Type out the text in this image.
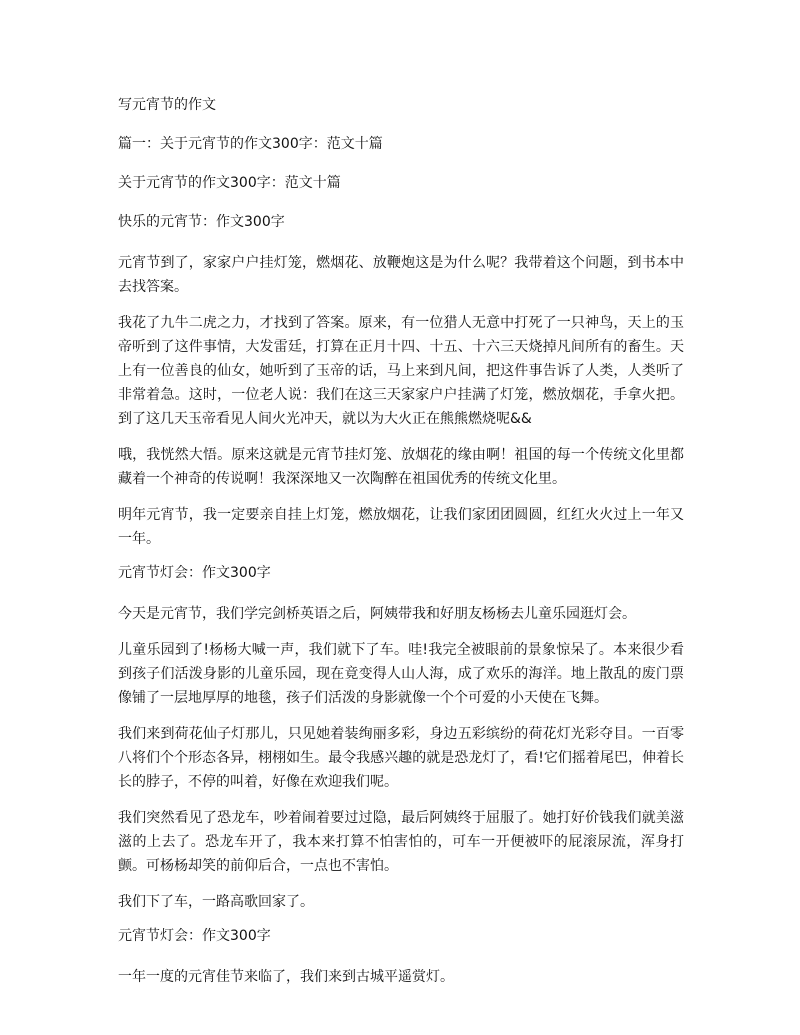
写元宵节的作文
篇一：关于元宵节的作文300字：范文十篇
关于元宵节的作文300字：范文十篇
快乐的元宵节：作文300字

元宵节到了，家家户户挂灯笼，燃烟花、放鞭炮这是为什么呢？我带着这个问题，到书本中去找答案。

我花了九牛二虎之力，才找到了答案。原来，有一位猎人无意中打死了一只神鸟，天上的玉帝听到了这件事情，大发雷廷，打算在正月十四、十五、十六三天烧掉凡间所有的畜生。天上有一位善良的仙女，她听到了玉帝的话，马上来到凡间，把这件事告诉了人类，人类听了非常着急。这时，一位老人说：我们在这三天家家户户挂满了灯笼，燃放烟花，手拿火把。到了这几天玉帝看见人间火光冲天，就以为大火正在熊熊燃烧呢&&

哦，我恍然大悟。原来这就是元宵节挂灯笼、放烟花的缘由啊！祖国的每一个传统文化里都藏着一个神奇的传说啊！我深深地又一次陶醉在祖国优秀的传统文化里。

明年元宵节，我一定要亲自挂上灯笼，燃放烟花，让我们家团团圆圆，红红火火过上一年又一年。

元宵节灯会：作文300字

今天是元宵节，我们学完剑桥英语之后，阿姨带我和好朋友杨杨去儿童乐园逛灯会。

儿童乐园到了!杨杨大喊一声，我们就下了车。哇!我完全被眼前的景象惊呆了。本来很少看到孩子们活泼身影的儿童乐园，现在竟变得人山人海，成了欢乐的海洋。地上散乱的废门票像铺了一层地厚厚的地毯，孩子们活泼的身影就像一个个可爱的小天使在飞舞。

我们来到荷花仙子灯那儿，只见她着装绚丽多彩，身边五彩缤纷的荷花灯光彩夺目。一百零八将们个个形态各异，栩栩如生。最令我感兴趣的就是恐龙灯了，看!它们摇着尾巴，伸着长长的脖子，不停的叫着，好像在欢迎我们呢。

我们突然看见了恐龙车，吵着闹着要过过隐，最后阿姨终于屈服了。她打好价钱我们就美滋滋的上去了。恐龙车开了，我本来打算不怕害怕的，可车一开便被吓的屁滚尿流，浑身打颤。可杨杨却笑的前仰后合，一点也不害怕。

我们下了车，一路高歌回家了。

元宵节灯会：作文300字

一年一度的元宵佳节来临了，我们来到古城平遥赏灯。
